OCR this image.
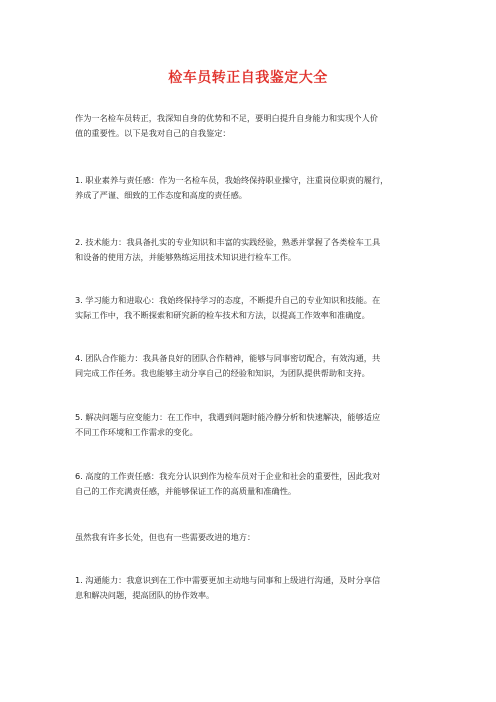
检车员转正自我鉴定大全

作为一名检车员转正，我深知自身的优势和不足，要明白提升自身能力和实现个人价
值的重要性。以下是我对自己的自我鉴定：

1. 职业素养与责任感：作为一名检车员，我始终保持职业操守，注重岗位职责的履行，
养成了严谨、细致的工作态度和高度的责任感。

2. 技术能力：我具备扎实的专业知识和丰富的实践经验，熟悉并掌握了各类检车工具
和设备的使用方法，并能够熟练运用技术知识进行检车工作。

3. 学习能力和进取心：我始终保持学习的态度，不断提升自己的专业知识和技能。在
实际工作中，我不断探索和研究新的检车技术和方法，以提高工作效率和准确度。

4. 团队合作能力：我具备良好的团队合作精神，能够与同事密切配合，有效沟通，共
同完成工作任务。我也能够主动分享自己的经验和知识，为团队提供帮助和支持。

5. 解决问题与应变能力：在工作中，我遇到问题时能冷静分析和快速解决，能够适应
不同工作环境和工作需求的变化。

6. 高度的工作责任感：我充分认识到作为检车员对于企业和社会的重要性，因此我对
自己的工作充满责任感，并能够保证工作的高质量和准确性。

虽然我有许多长处，但也有一些需要改进的地方：

1. 沟通能力：我意识到在工作中需要更加主动地与同事和上级进行沟通，及时分享信
息和解决问题，提高团队的协作效率。
